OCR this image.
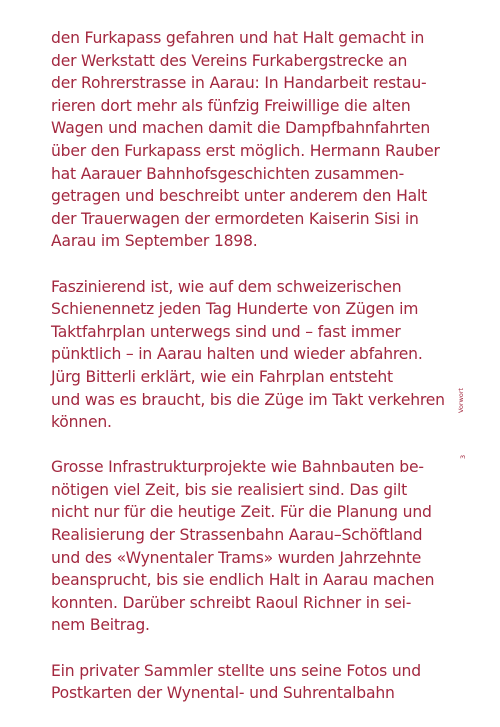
den Furkapass gefahren und hat Halt gemacht in
der Werkstatt des Vereins Furkabergstrecke an
der Rohrerstrasse in Aarau: In Handarbeit restau-
rieren dort mehr als fünfzig Freiwillige die alten
Wagen und machen damit die Dampfbahnfahrten
über den Furkapass erst möglich. Hermann Rauber
hat Aarauer Bahnhofsgeschichten zusammen-
getragen und beschreibt unter anderem den Halt
der Trauerwagen der ermordeten Kaiserin Sisi in
Aarau im September 1898.
Faszinierend ist, wie auf dem schweizerischen
Schienennetz jeden Tag Hunderte von Zügen im
Taktfahrplan unterwegs sind und – fast immer
pünktlich – in Aarau halten und wieder abfahren.
Jürg Bitterli erklärt, wie ein Fahrplan entsteht
und was es braucht, bis die Züge im Takt verkehren
können.
Grosse Infrastrukturprojekte wie Bahnbauten be-
nötigen viel Zeit, bis sie realisiert sind. Das gilt
nicht nur für die heutige Zeit. Für die Planung und
Realisierung der Strassenbahn Aarau–Schöftland
und des «Wynentaler Trams» wurden Jahrzehnte
beansprucht, bis sie endlich Halt in Aarau machen
konnten. Darüber schreibt Raoul Richner in sei-
nem Beitrag.
Ein privater Sammler stellte uns seine Fotos und
Postkarten der Wynental- und Suhrentalbahn
Vorwort
3
